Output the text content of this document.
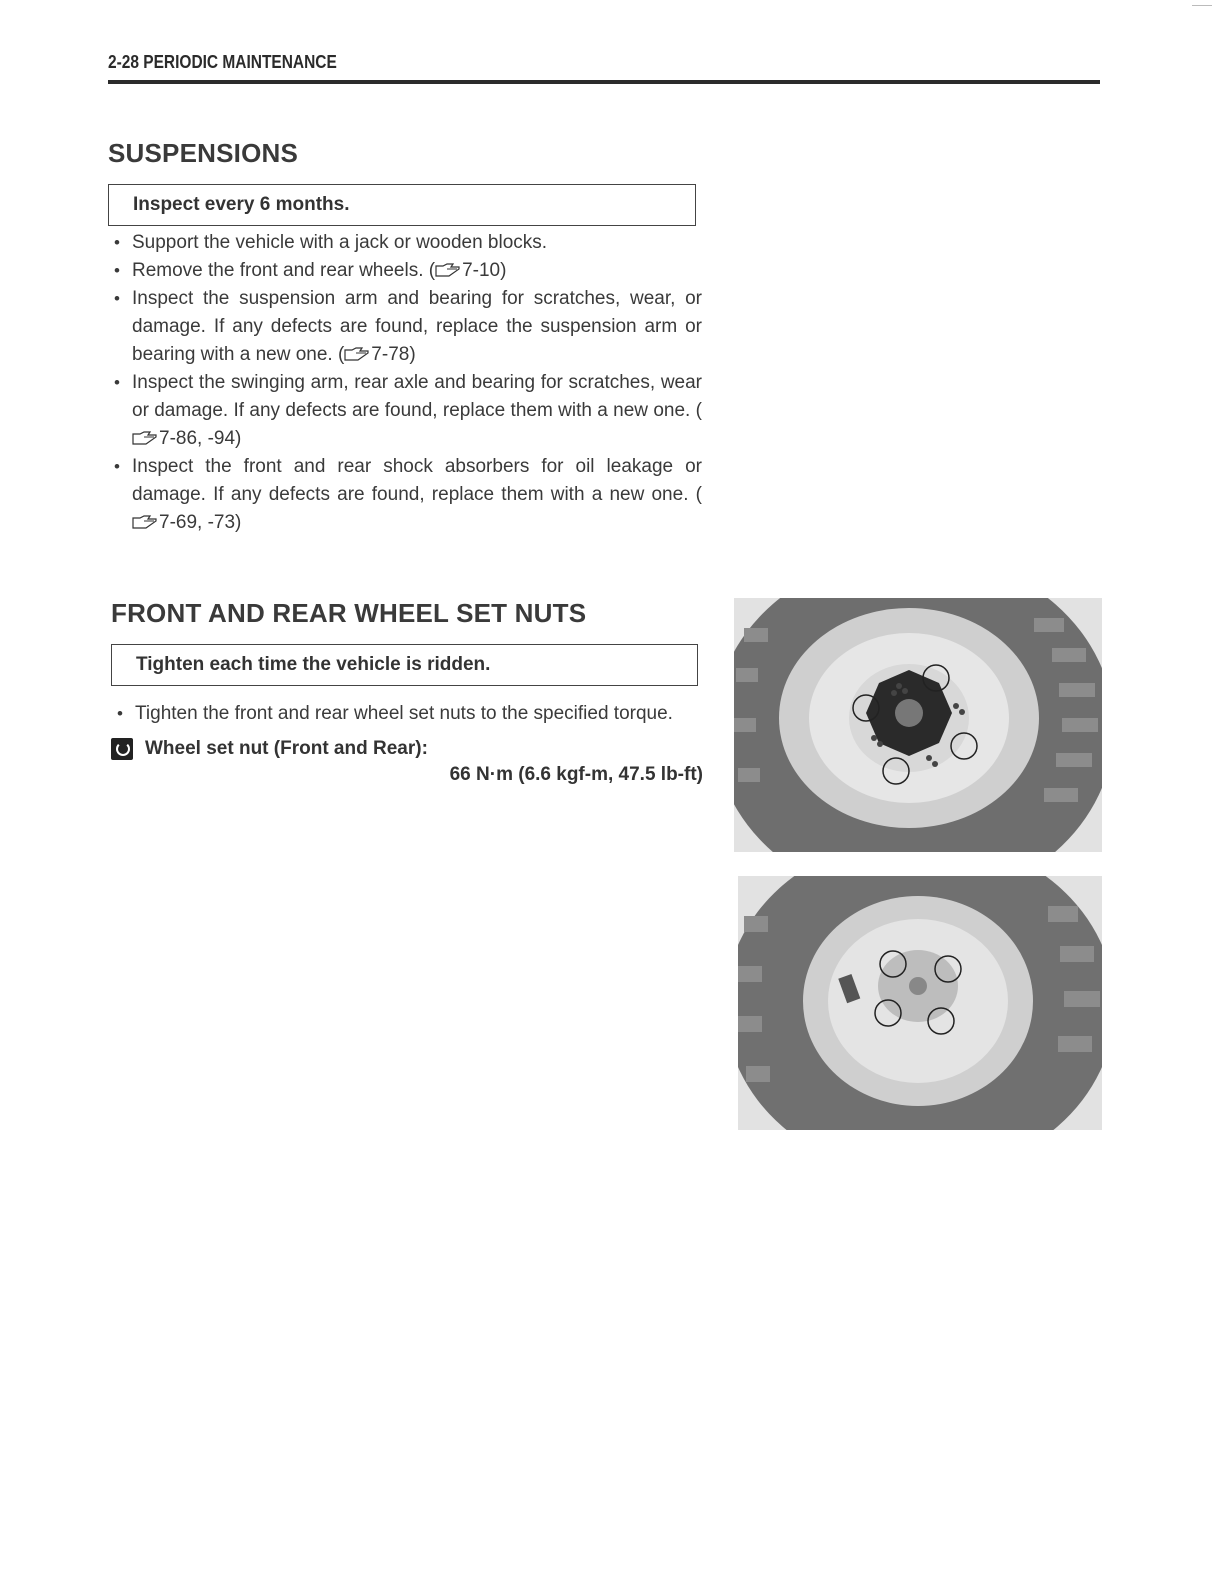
2-28 PERIODIC MAINTENANCE
SUSPENSIONS
Inspect every 6 months.
• Support the vehicle with a jack or wooden blocks.
• Remove the front and rear wheels. ( 7-10)
• Inspect the suspension arm and bearing for scratches, wear, or damage. If any defects are found, replace the suspension arm or bearing with a new one. ( 7-78)
• Inspect the swinging arm, rear axle and bearing for scratches, wear or damage. If any defects are found, replace them with a new one. (7-86, -94)
• Inspect the front and rear shock absorbers for oil leakage or damage. If any defects are found, replace them with a new one. (7-69, -73)
FRONT AND REAR WHEEL SET NUTS
Tighten each time the vehicle is ridden.
• Tighten the front and rear wheel set nuts to the specified torque.
Wheel set nut (Front and Rear):
66 N·m (6.6 kgf-m, 47.5 lb-ft)
